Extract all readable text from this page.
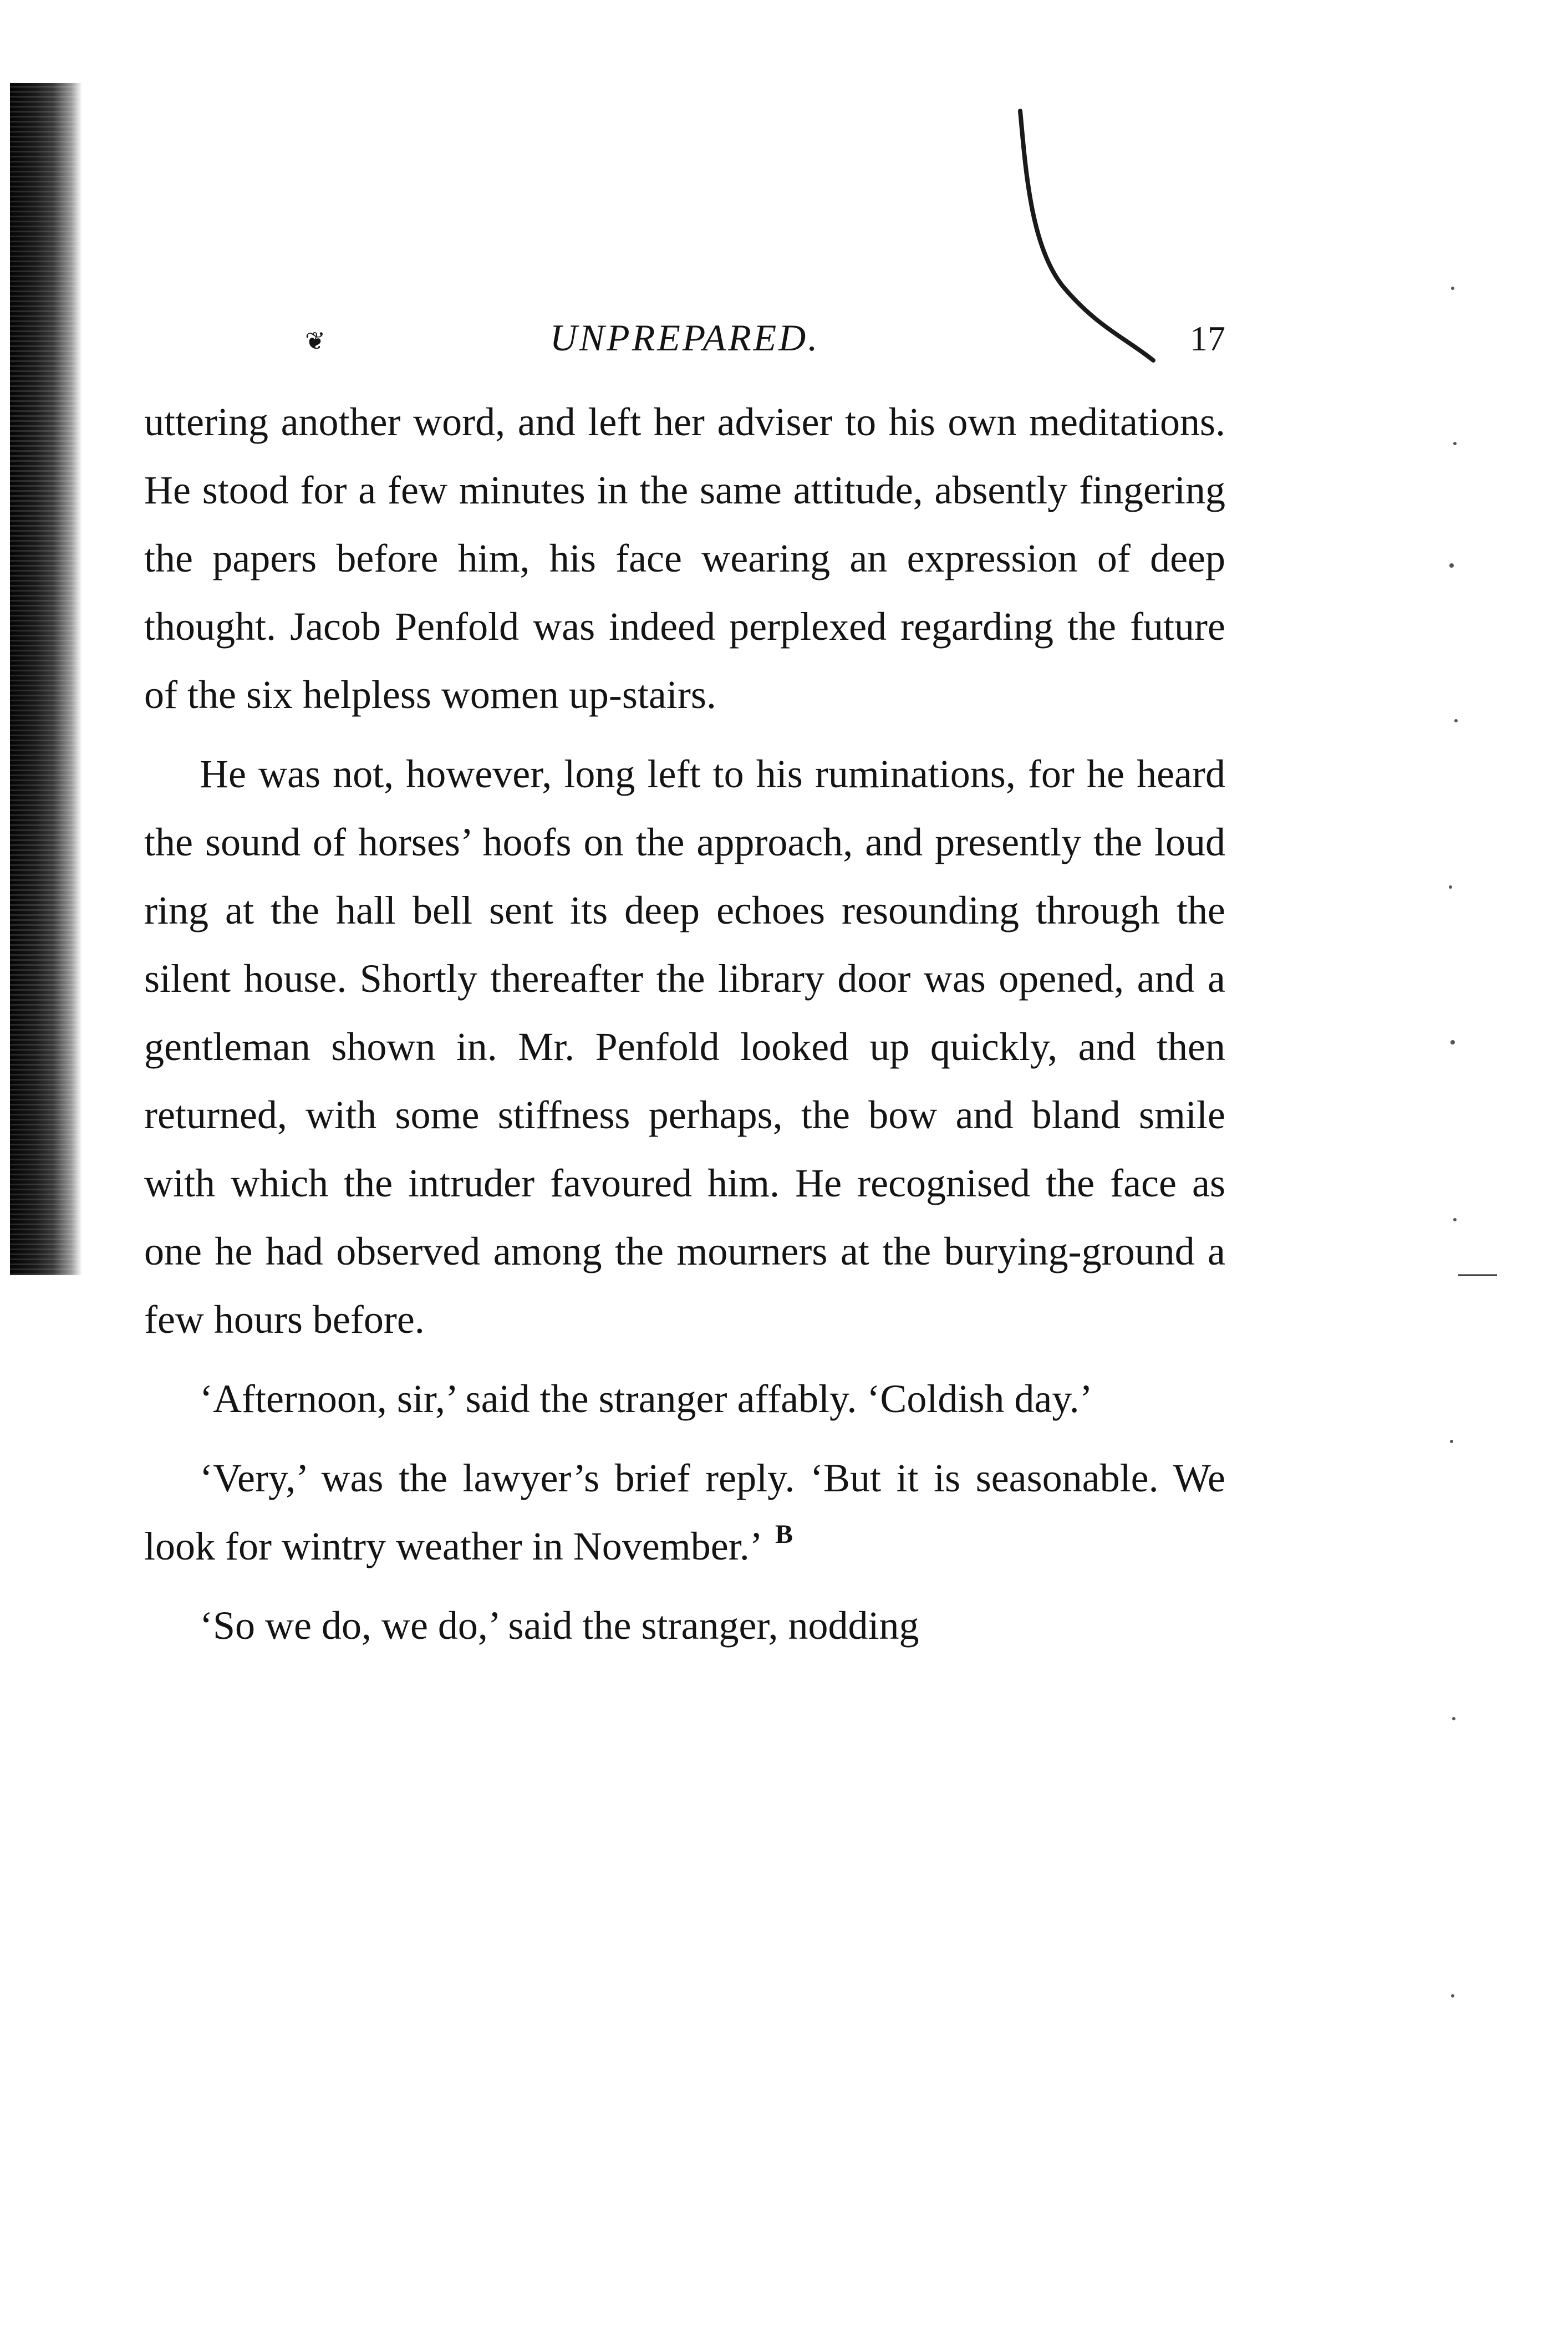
❦	UNPREPARED.	17

uttering another word, and left her adviser to his own meditations. He stood for a few minutes in the same attitude, absently fingering the papers before him, his face wearing an expression of deep thought. Jacob Penfold was indeed perplexed regarding the future of the six helpless women up-stairs.

He was not, however, long left to his ruminations, for he heard the sound of horses’ hoofs on the approach, and presently the loud ring at the hall bell sent its deep echoes resounding through the silent house. Shortly thereafter the library door was opened, and a gentleman shown in. Mr. Penfold looked up quickly, and then returned, with some stiffness perhaps, the bow and bland smile with which the intruder favoured him. He recognised the face as one he had observed among the mourners at the burying-ground a few hours before.

‘Afternoon, sir,’ said the stranger affably. ‘Coldish day.’

‘Very,’ was the lawyer’s brief reply. ‘But it is seasonable. We look for wintry weather in November.’

‘So we do, we do,’ said the stranger, nodding

B
